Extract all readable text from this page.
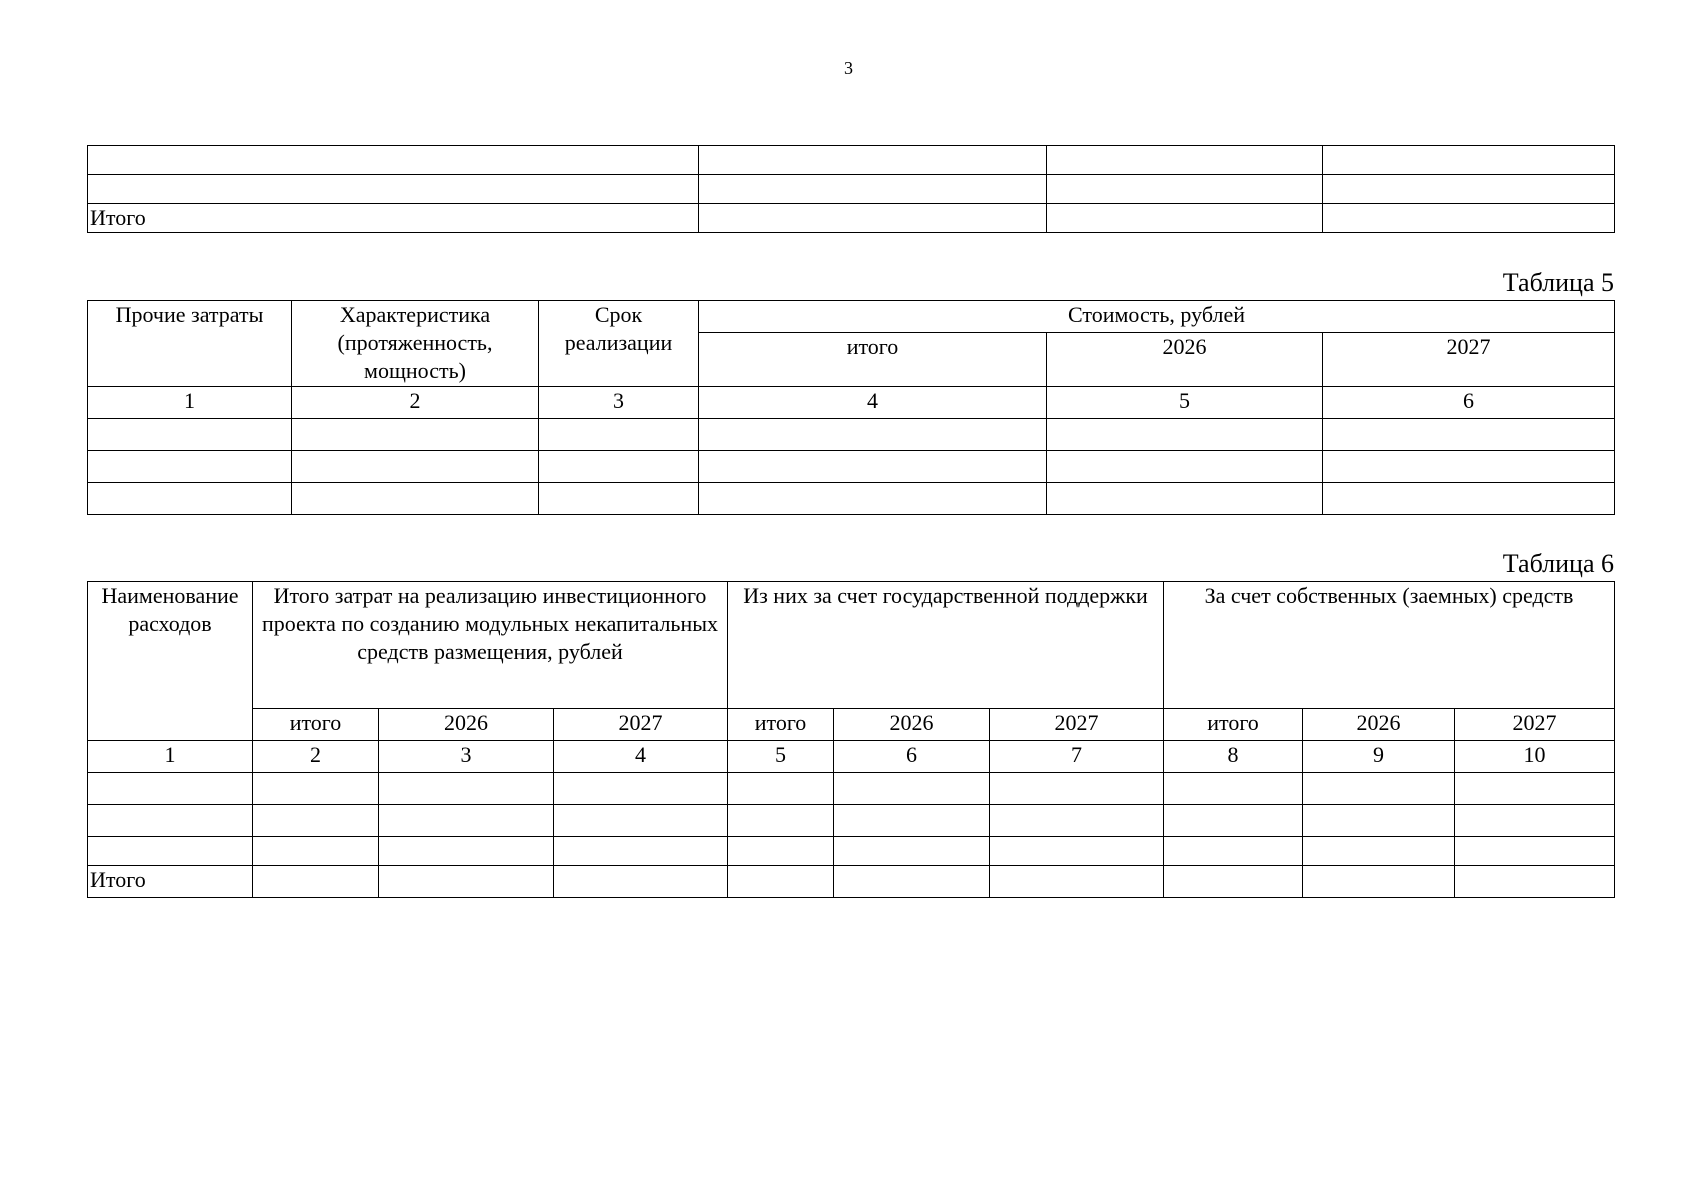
3

Итого			
Таблица 5
Прочие затраты	Характеристика (протяженность, мощность)	Срок реализации	Стоимость, рублей		
			итого	2026	2027
1	2	3	4	5	6

Таблица 6
Наименование расходов	Итого затрат на реализацию инвестиционного проекта по созданию модульных некапитальных средств размещения, рублей			Из них за счет государственной поддержки			За счет собственных (заемных) средств		
	итого	2026	2027	итого	2026	2027	итого	2026	2027
1	2	3	4	5	6	7	8	9	10

Итого									
